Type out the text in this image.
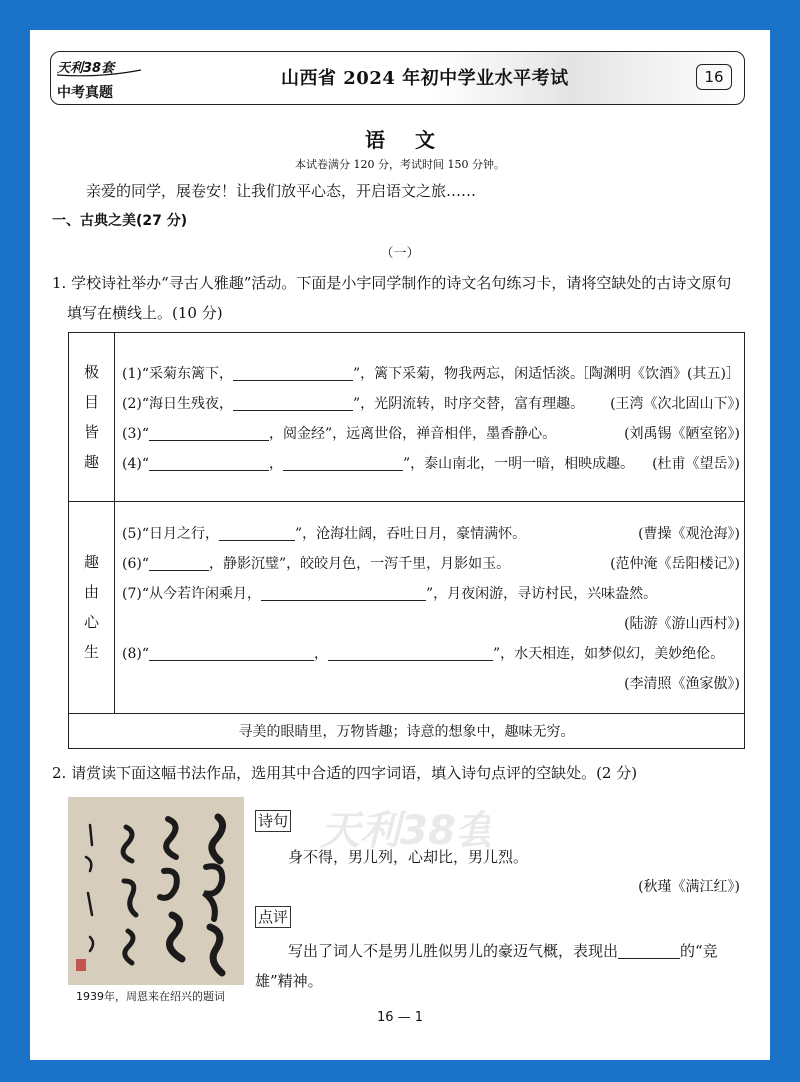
天利38套
中考真题
山西省 2024 年初中学业水平考试	16
语文
本试卷满分 120 分，考试时间 150 分钟。
亲爱的同学，展卷安！让我们放平心态，开启语文之旅……
一、古典之美(27 分)
（一）
1. 学校诗社举办“寻古人雅趣”活动。下面是小宇同学制作的诗文名句练习卡，请将空缺处的古诗文原句
填写在横线上。(10 分)
极
目
皆
趣
(1)“采菊东篱下，	”，篱下采菊，物我两忘，闲适恬淡。
［陶渊明《饮酒》(其五)］
(2)“海日生残夜，	”，光阴流转，时序交替，富有理趣。 (王湾《次北固山下》)
(3)“	，阅金经”，远离世俗，禅音相伴，墨香静心。	(刘禹锡《陋室铭》)
(4)“	，	”，泰山南北，一明一暗，相映成趣。 (杜甫《望岳》)
趣
由
心
生
(5)“日月之行，	”，沧海壮阔，吞吐日月，豪情满怀。	(曹操《观沧海》)
(6)“	，静影沉璧”，皎皎月色，一泻千里，月影如玉。	(范仲淹《岳阳楼记》)
(7)“从今若许闲乘月，	”，月夜闲游，寻访村民，兴味盎然。
(陆游《游山西村》)
(8)“	，	”，水天相连，如梦似幻，美妙绝伦。
(李清照《渔家傲》)
寻美的眼睛里，万物皆趣；诗意的想象中，趣味无穷。
2. 请赏读下面这幅书法作品，选用其中合适的四字词语，填入诗句点评的空缺处。(2 分)
1939年，周恩来在绍兴的题词
天利38套
诗句
身不得，男儿列，心却比，男儿烈。
(秋瑾《满江红》)
点评
写出了词人不是男儿胜似男儿的豪迈气概，表现出	的“竞雄”精神。
16 — 1
